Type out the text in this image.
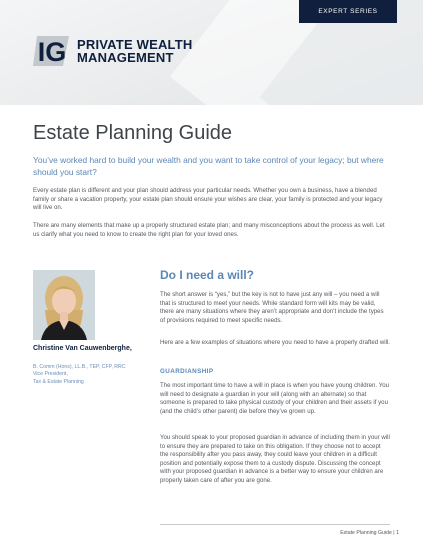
EXPERT SERIES
IG PRIVATE WEALTH
MANAGEMENT
Estate Planning Guide

You’ve worked hard to build your wealth and you want to take control of your legacy; but where should you start?

Every estate plan is different and your plan should address your particular needs. Whether you own a business, have a blended family or share a vacation property, your estate plan should ensure your wishes are clear, your family is protected and your legacy will live on.

There are many elements that make up a properly structured estate plan; and many misconceptions about the process as well. Let us clarify what you need to know to create the right plan for your loved ones.

Christine Van Cauwenberghe,
B. Comm (Hons), LL.B., TEP, CFP, RRC
Vice President,
Tax & Estate Planning
Do I need a will?

The short answer is “yes,” but the key is not to have just any will – you need a will that is structured to meet your needs. While standard form will kits may be valid, there are many situations where they aren’t appropriate and don’t include the types of provisions required to meet specific needs.

Here are a few examples of situations where you need to have a properly drafted will.

GUARDIANSHIP

The most important time to have a will in place is when you have young children. You will need to designate a guardian in your will (along with an alternate) so that someone is prepared to take physical custody of your children and their assets if you (and the child’s other parent) die before they’ve grown up.

You should speak to your proposed guardian in advance of including them in your will to ensure they are prepared to take on this obligation. If they choose not to accept the responsibility after you pass away, they could leave your children in a difficult position and potentially expose them to a custody dispute. Discussing the concept with your proposed guardian in advance is a better way to ensure your children are properly taken care of after you are gone.

Estate Planning Guide | 1
